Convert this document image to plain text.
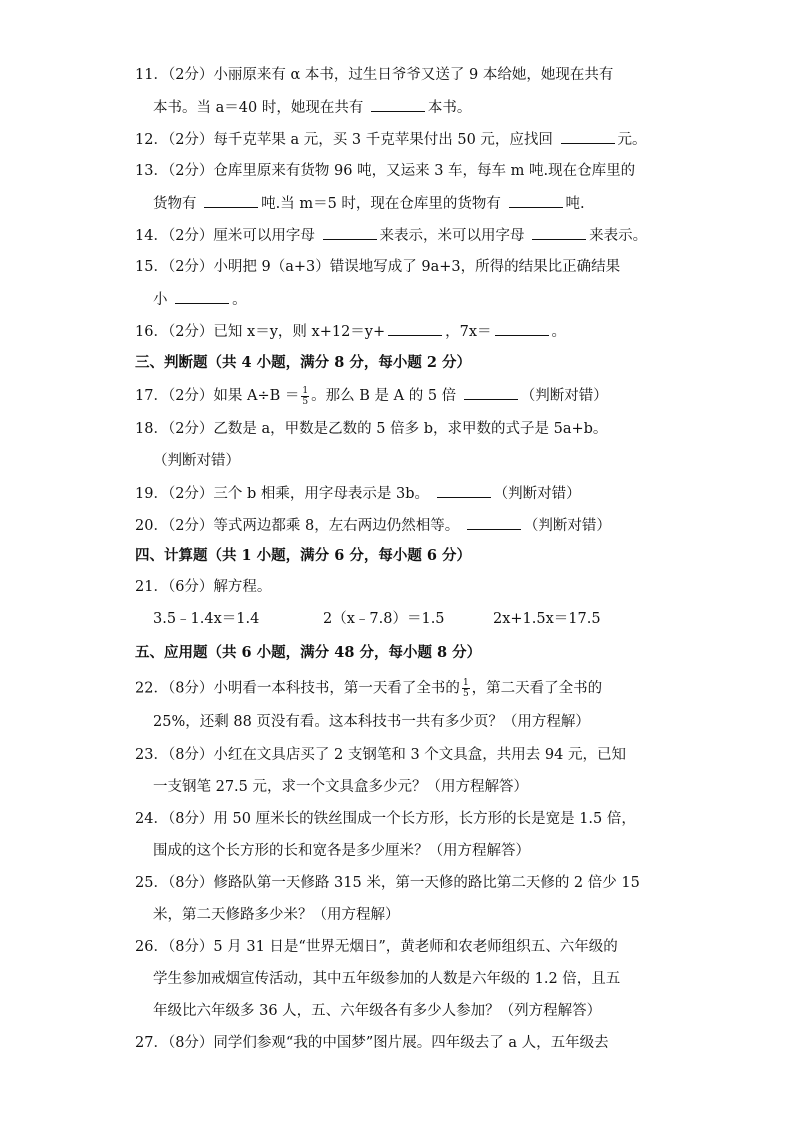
11．（2分）小丽原来有 α 本书，过生日爷爷又送了 9 本给她，她现在共有
本书。当 a＝40 时，她现在共有	本书。
12．（2分）每千克苹果 a 元，买 3 千克苹果付出 50 元，应找回	元。
13．（2分）仓库里原来有货物 96 吨，又运来 3 车，每车 m 吨.现在仓库里的
货物有	吨.当 m＝5 时，现在仓库里的货物有	吨.
14．（2分）厘米可以用字母	来表示，米可以用字母	来表示。
15．（2分）小明把 9（a+3）错误地写成了 9a+3，所得的结果比正确结果
小	。
16．（2分）已知 x＝y，则 x+12＝y+	，7x＝	。
三、判断题（共 4 小题，满分 8 分，每小题 2 分）
17．（2分）如果 $A\div B = \frac{1}{5}$ 。那么 B 是 A 的 5 倍	（判断对错）
18．（2分）乙数是 a，甲数是乙数的 5 倍多 b，求甲数的式子是 5a+b。
（判断对错）
19．（2分）三个 b 相乘，用字母表示是 3b。	（判断对错）
20．（2分）等式两边都乘 8，左右两边仍然相等。	（判断对错）
四、计算题（共 1 小题，满分 6 分，每小题 6 分）
21．（6分）解方程。
3.5﹣1.4x＝1.4	2（x﹣7.8）＝1.5	2x+1.5x＝17.5
五、应用题（共 6 小题，满分 48 分，每小题 8 分）
22．（8分）小明看一本科技书，第一天看了全书的 $\frac{1}{5}$ ，第二天看了全书的
25%，还剩 88 页没有看。这本科技书一共有多少页？（用方程解）
23．（8分）小红在文具店买了 2 支钢笔和 3 个文具盒，共用去 94 元，已知
一支钢笔 27.5 元，求一个文具盒多少元？（用方程解答）
24．（8分）用 50 厘米长的铁丝围成一个长方形，长方形的长是宽是 1.5 倍，
围成的这个长方形的长和宽各是多少厘米？（用方程解答）
25．（8分）修路队第一天修路 315 米，第一天修的路比第二天修的 2 倍少 15
米，第二天修路多少米？（用方程解）
26．（8分）5 月 31 日是“世界无烟日”，黄老师和农老师组织五、六年级的
学生参加戒烟宣传活动，其中五年级参加的人数是六年级的 1.2 倍，且五
年级比六年级多 36 人，五、六年级各有多少人参加？（列方程解答）
27．（8分）同学们参观“我的中国梦”图片展。四年级去了 a 人，五年级去
